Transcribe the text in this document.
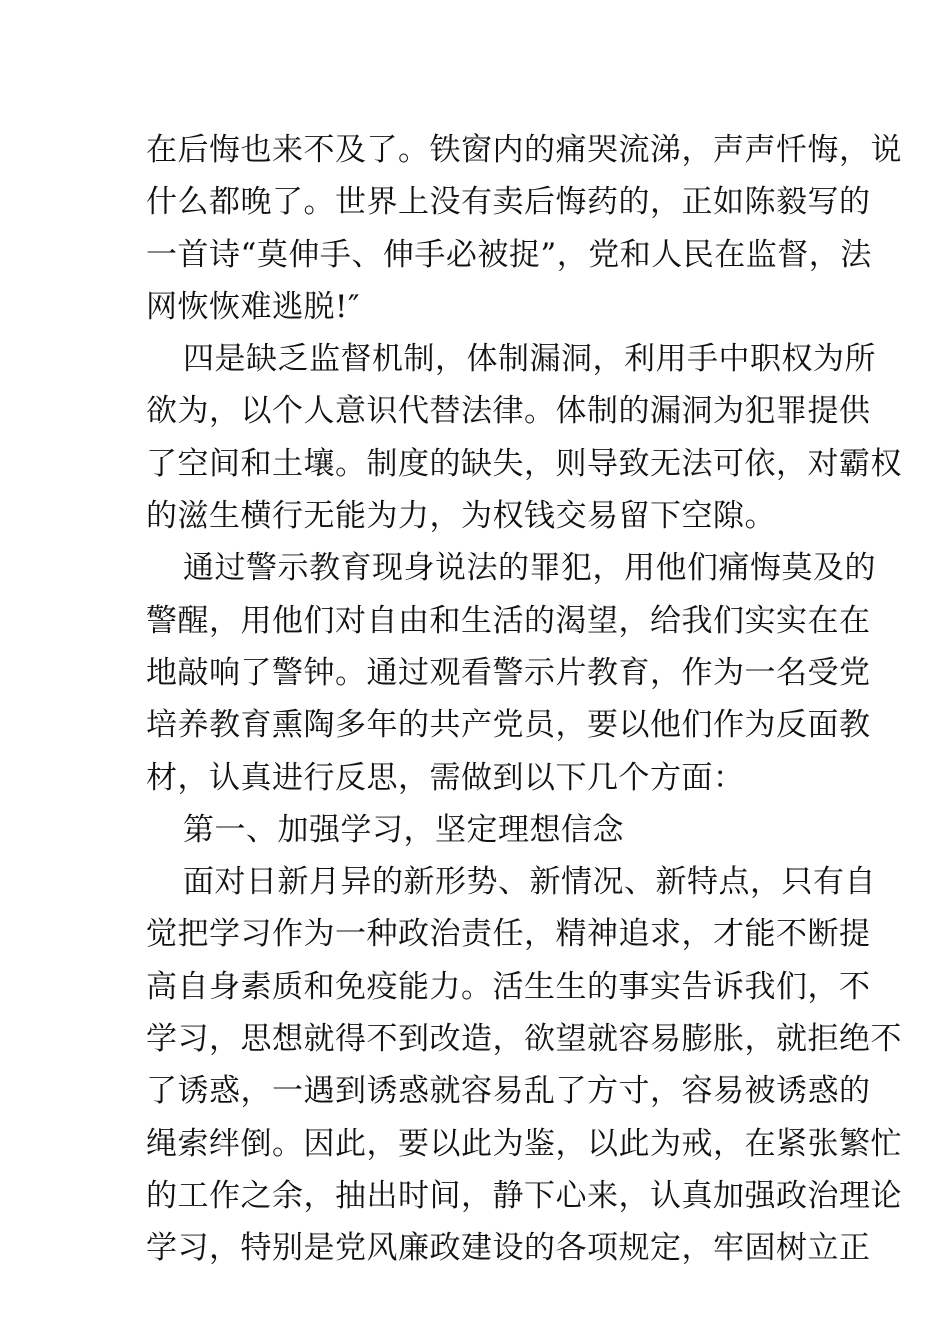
在后悔也来不及了。铁窗内的痛哭流涕，声声忏悔，说
什么都晚了。世界上没有卖后悔药的，正如陈毅写的
一首诗“莫伸手、伸手必被捉”，党和人民在监督，法
网恢恢难逃脱!″
四是缺乏监督机制，体制漏洞，利用手中职权为所
欲为，以个人意识代替法律。体制的漏洞为犯罪提供
了空间和土壤。制度的缺失，则导致无法可依，对霸权
的滋生横行无能为力，为权钱交易留下空隙。
通过警示教育现身说法的罪犯，用他们痛悔莫及的
警醒，用他们对自由和生活的渴望，给我们实实在在
地敲响了警钟。通过观看警示片教育，作为一名受党
培养教育熏陶多年的共产党员，要以他们作为反面教
材，认真进行反思，需做到以下几个方面：
第一、加强学习，坚定理想信念
面对日新月异的新形势、新情况、新特点，只有自
觉把学习作为一种政治责任，精神追求，才能不断提
高自身素质和免疫能力。活生生的事实告诉我们，不
学习，思想就得不到改造，欲望就容易膨胀，就拒绝不
了诱惑，一遇到诱惑就容易乱了方寸，容易被诱惑的
绳索绊倒。因此，要以此为鉴，以此为戒，在紧张繁忙
的工作之余，抽出时间，静下心来，认真加强政治理论
学习，特别是党风廉政建设的各项规定，牢固树立正
